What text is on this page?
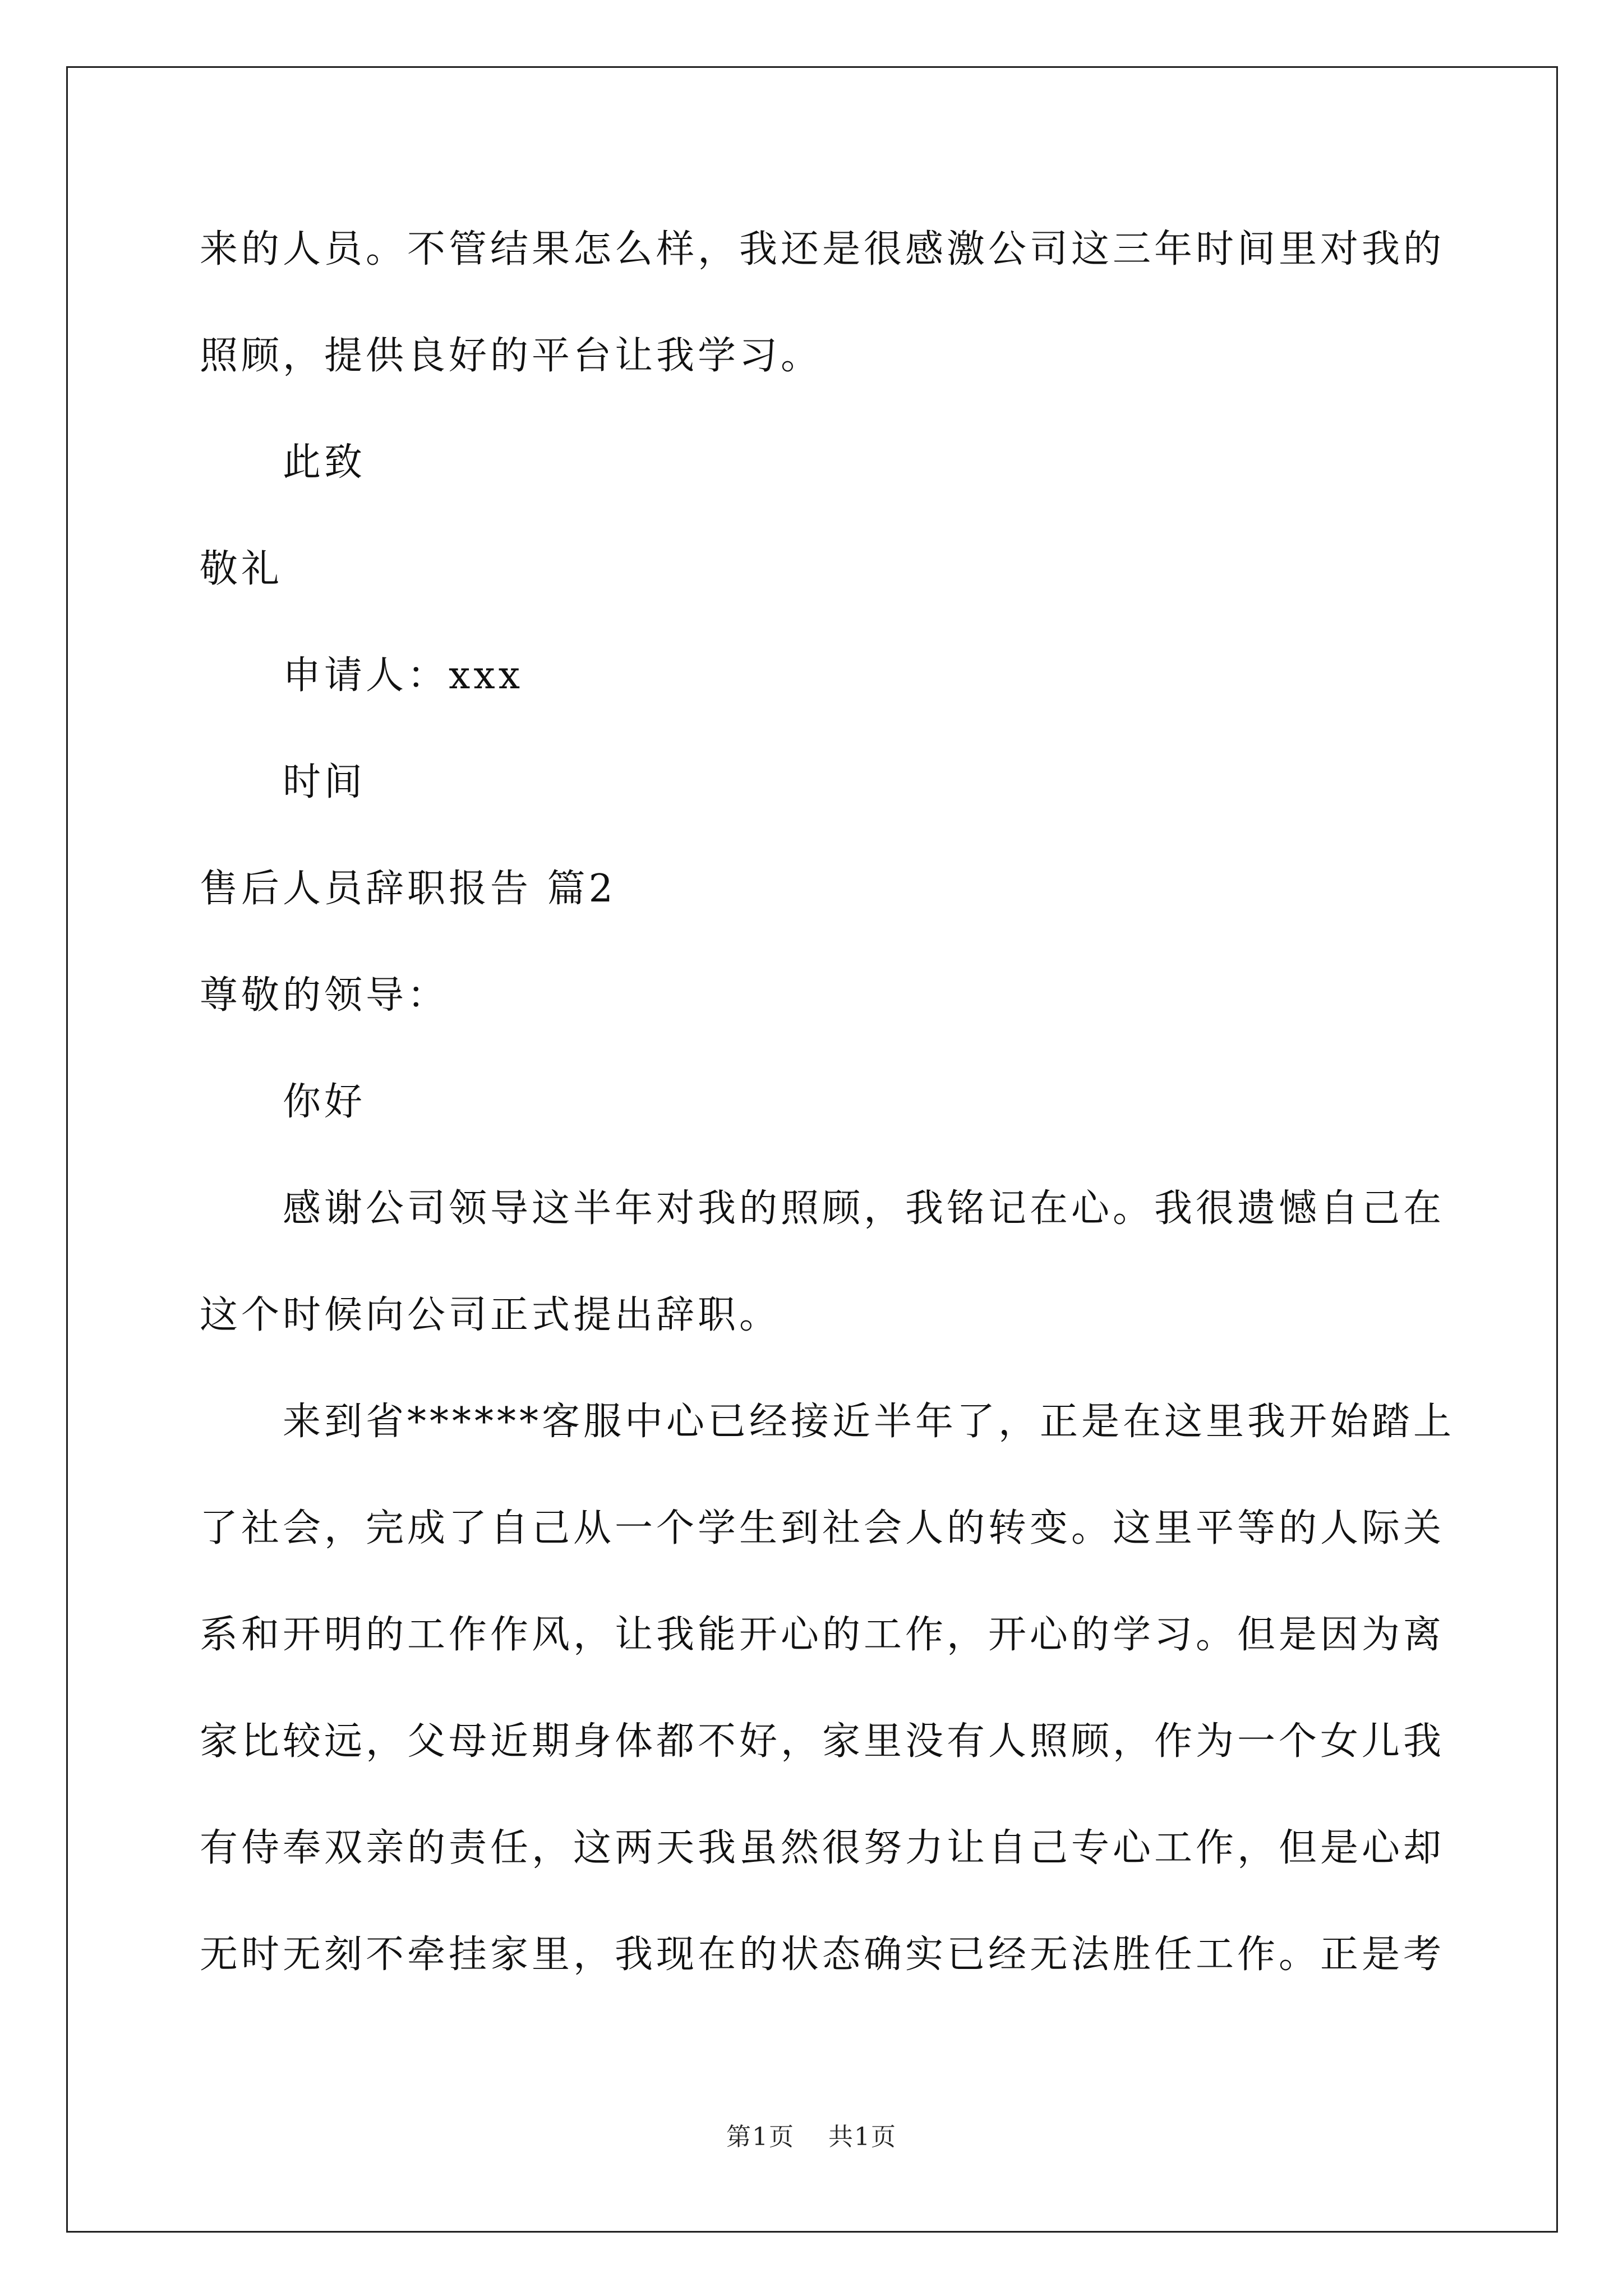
来的人员。不管结果怎么样，我还是很感激公司这三年时间里对我的
照顾，提供良好的平台让我学习。
此致
敬礼
申请人：xxx
时间
售后人员辞职报告 篇2
尊敬的领导：
你好
感谢公司领导这半年对我的照顾，我铭记在心。我很遗憾自己在
这个时候向公司正式提出辞职。
来到省******客服中心已经接近半年了，正是在这里我开始踏上
了社会，完成了自己从一个学生到社会人的转变。这里平等的人际关
系和开明的工作作风，让我能开心的工作，开心的学习。但是因为离
家比较远，父母近期身体都不好，家里没有人照顾，作为一个女儿我
有侍奉双亲的责任，这两天我虽然很努力让自己专心工作，但是心却
无时无刻不牵挂家里，我现在的状态确实已经无法胜任工作。正是考
第1页 共1页
